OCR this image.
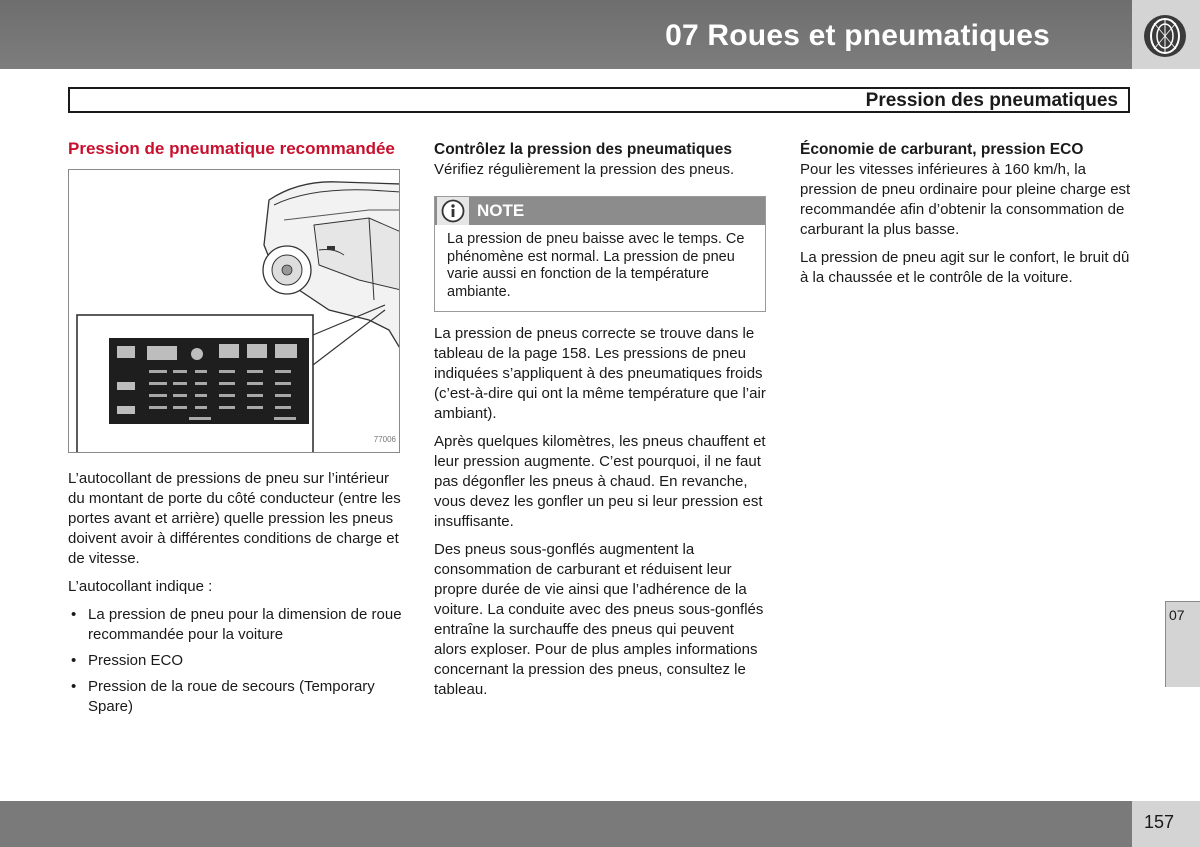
07 Roues et pneumatiques
Pression des pneumatiques
Pression de pneumatique recommandée
77006

L’autocollant de pressions de pneu sur l’intérieur du montant de porte du côté conducteur (entre les portes avant et arrière) quelle pression les pneus doivent avoir à différentes conditions de charge et de vitesse.

L’autocollant indique :

• La pression de pneu pour la dimension de roue recommandée pour la voiture
• Pression ECO
• Pression de la roue de secours (Temporary Spare)
Contrôlez la pression des pneumatiques

Vérifiez régulièrement la pression des pneus.

NOTE
La pression de pneu baisse avec le temps. Ce phénomène est normal. La pression de pneu varie aussi en fonction de la température ambiante.

La pression de pneus correcte se trouve dans le tableau de la page 158. Les pressions de pneu indiquées s’appliquent à des pneumatiques froids (c’est-à-dire qui ont la même température que l’air ambiant).

Après quelques kilomètres, les pneus chauffent et leur pression augmente. C’est pourquoi, il ne faut pas dégonfler les pneus à chaud. En revanche, vous devez les gonfler un peu si leur pression est insuffisante.

Des pneus sous-gonflés augmentent la consommation de carburant et réduisent leur propre durée de vie ainsi que l’adhérence de la voiture. La conduite avec des pneus sous-gonflés entraîne la surchauffe des pneus qui peuvent alors exploser. Pour de plus amples informations concernant la pression des pneus, consultez le tableau.

Économie de carburant, pression ECO

Pour les vitesses inférieures à 160 km/h, la pression de pneu ordinaire pour pleine charge est recommandée afin d’obtenir la consommation de carburant la plus basse.

La pression de pneu agit sur le confort, le bruit dû à la chaussée et le contrôle de la voiture.

07
157
